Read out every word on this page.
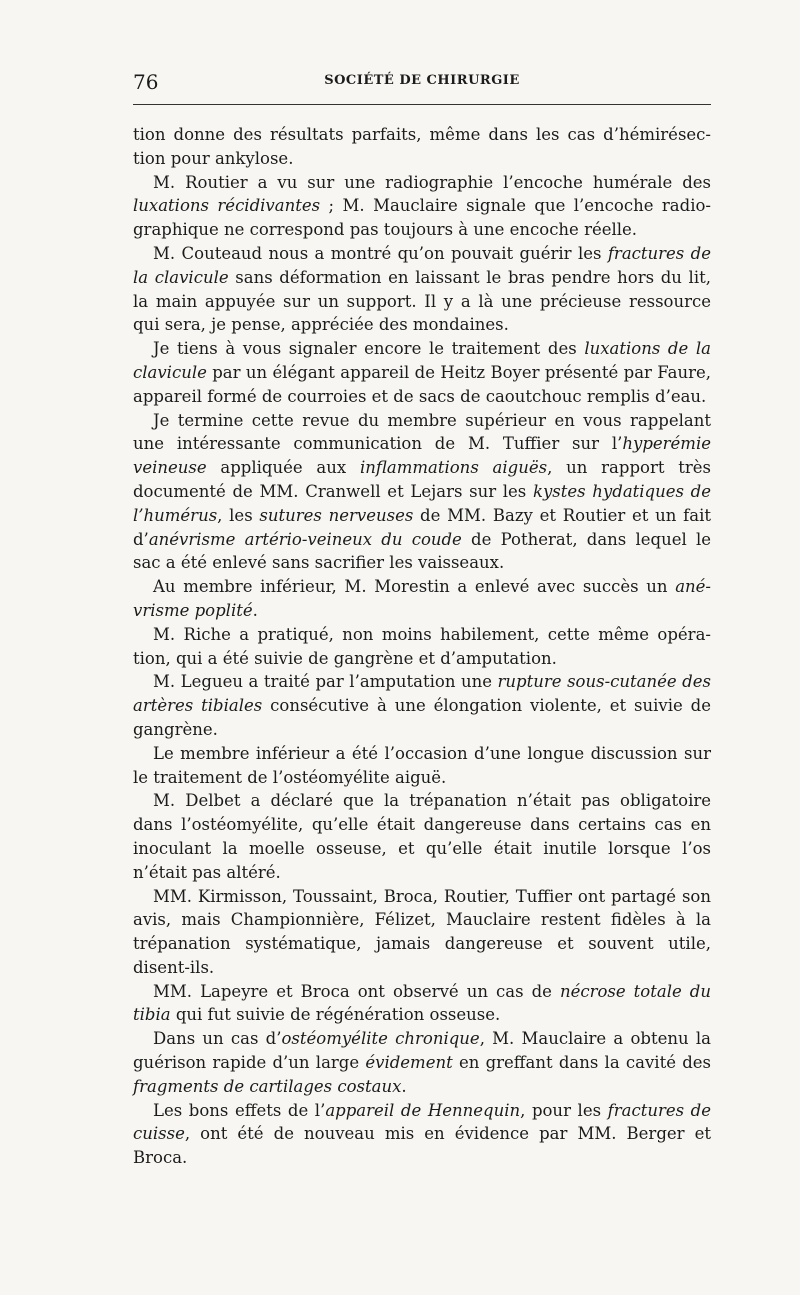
76	SOCIÉTÉ DE CHIRURGIE

tion donne des résultats parfaits, même dans les cas d’hémirésection pour ankylose.

M. Routier a vu sur une radiographie l’encoche humérale des luxations récidivantes ; M. Mauclaire signale que l’encoche radiographique ne correspond pas toujours à une encoche réelle.

M. Couteaud nous a montré qu’on pouvait guérir les fractures de la clavicule sans déformation en laissant le bras pendre hors du lit, la main appuyée sur un support. Il y a là une précieuse ressource qui sera, je pense, appréciée des mondaines.

Je tiens à vous signaler encore le traitement des luxations de la clavicule par un élégant appareil de Heitz Boyer présenté par Faure, appareil formé de courroies et de sacs de caoutchouc remplis d’eau.

Je termine cette revue du membre supérieur en vous rappelant une intéressante communication de M. Tuffier sur l’hyperémie veineuse appliquée aux inflammations aiguës, un rapport très documenté de MM. Cranwell et Lejars sur les kystes hydatiques de l’humérus, les sutures nerveuses de MM. Bazy et Routier et un fait d’anévrisme artério-veineux du coude de Potherat, dans lequel le sac a été enlevé sans sacrifier les vaisseaux.

Au membre inférieur, M. Morestin a enlevé avec succès un anévrisme poplité.

M. Riche a pratiqué, non moins habilement, cette même opération, qui a été suivie de gangrène et d’amputation.

M. Legueu a traité par l’amputation une rupture sous-cutanée des artères tibiales consécutive à une élongation violente, et suivie de gangrène.

Le membre inférieur a été l’occasion d’une longue discussion sur le traitement de l’ostéomyélite aiguë.

M. Delbet a déclaré que la trépanation n’était pas obligatoire dans l’ostéomyélite, qu’elle était dangereuse dans certains cas en inoculant la moelle osseuse, et qu’elle était inutile lorsque l’os n’était pas altéré.

MM. Kirmisson, Toussaint, Broca, Routier, Tuffier ont partagé son avis, mais Championnière, Félizet, Mauclaire restent fidèles à la trépanation systématique, jamais dangereuse et souvent utile, disent-ils.

MM. Lapeyre et Broca ont observé un cas de nécrose totale du tibia qui fut suivie de régénération osseuse.

Dans un cas d’ostéomyélite chronique, M. Mauclaire a obtenu la guérison rapide d’un large évidement en greffant dans la cavité des fragments de cartilages costaux.

Les bons effets de l’appareil de Hennequin, pour les fractures de cuisse, ont été de nouveau mis en évidence par MM. Berger et Broca.
